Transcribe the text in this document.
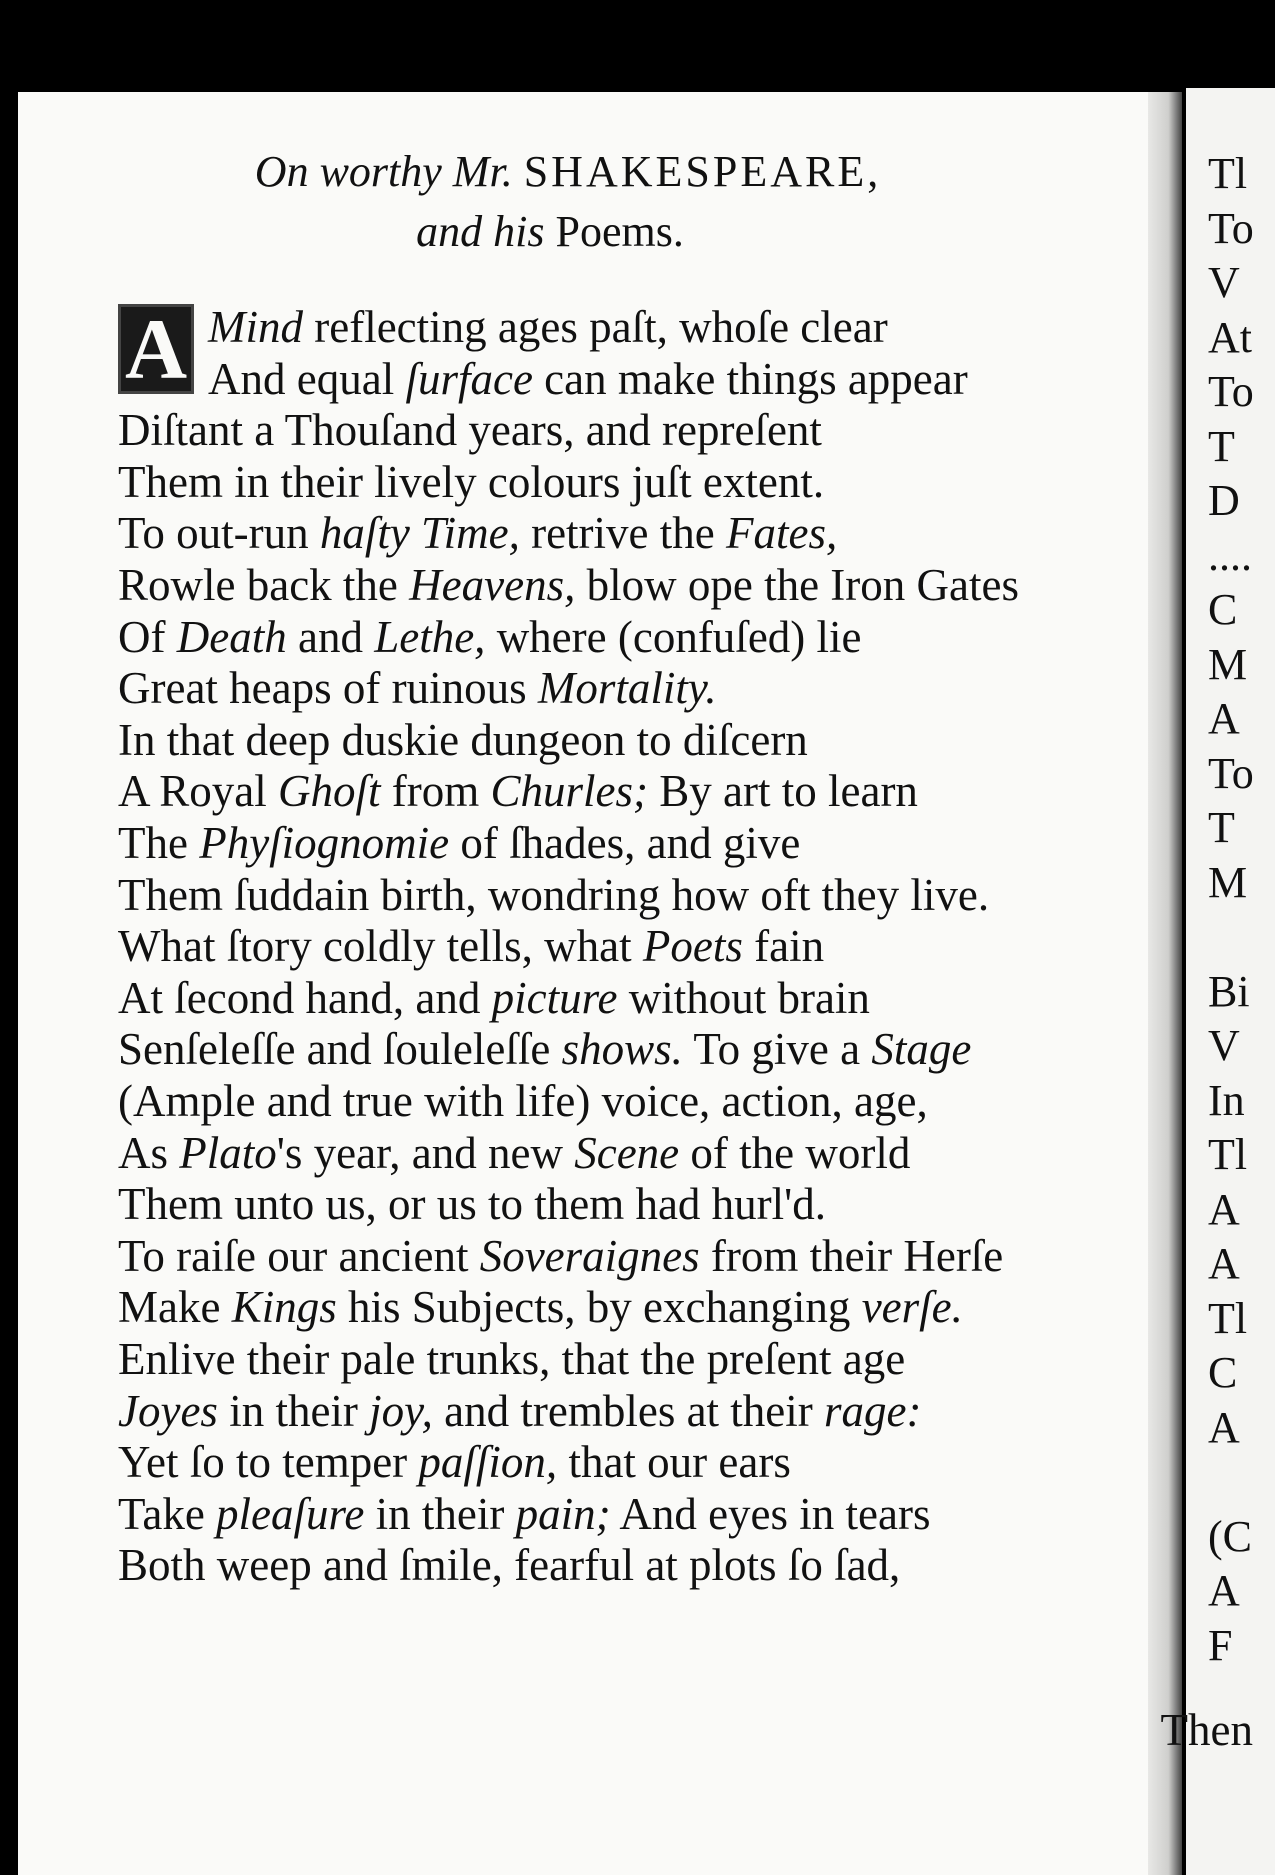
Tl
To
V
At
To
T
D
....
C
M
A
To
T
M
Bi
V
In
Tl
A
A
Tl
C
A
(C
A
F
On worthy Mr. SHAKESPEARE,
and his Poems.
A Mind reflecting ages paſt, whoſe clear
And equal ſurface can make things appear
Diſtant a Thouſand years, and repreſent
Them in their lively colours juſt extent.
To out-run haſty Time, retrive the Fates,
Rowle back the Heavens, blow ope the Iron Gates
Of Death and Lethe, where (confuſed) lie
Great heaps of ruinous Mortality.
In that deep duskie dungeon to diſcern
A Royal Ghoſt from Churles; By art to learn
The Phyſiognomie of ſhades, and give
Them ſuddain birth, wondring how oft they live.
What ſtory coldly tells, what Poets fain
At ſecond hand, and picture without brain
Senſeleſſe and ſouleleſſe shows. To give a Stage
(Ample and true with life) voice, action, age,
As Plato's year, and new Scene of the world
Them unto us, or us to them had hurl'd.
To raiſe our ancient Soveraignes from their Herſe
Make Kings his Subjects, by exchanging verſe.
Enlive their pale trunks, that the preſent age
Joyes in their joy, and trembles at their rage:
Yet ſo to temper paſſion, that our ears
Take pleaſure in their pain; And eyes in tears
Both weep and ſmile, fearful at plots ſo ſad,
Then
